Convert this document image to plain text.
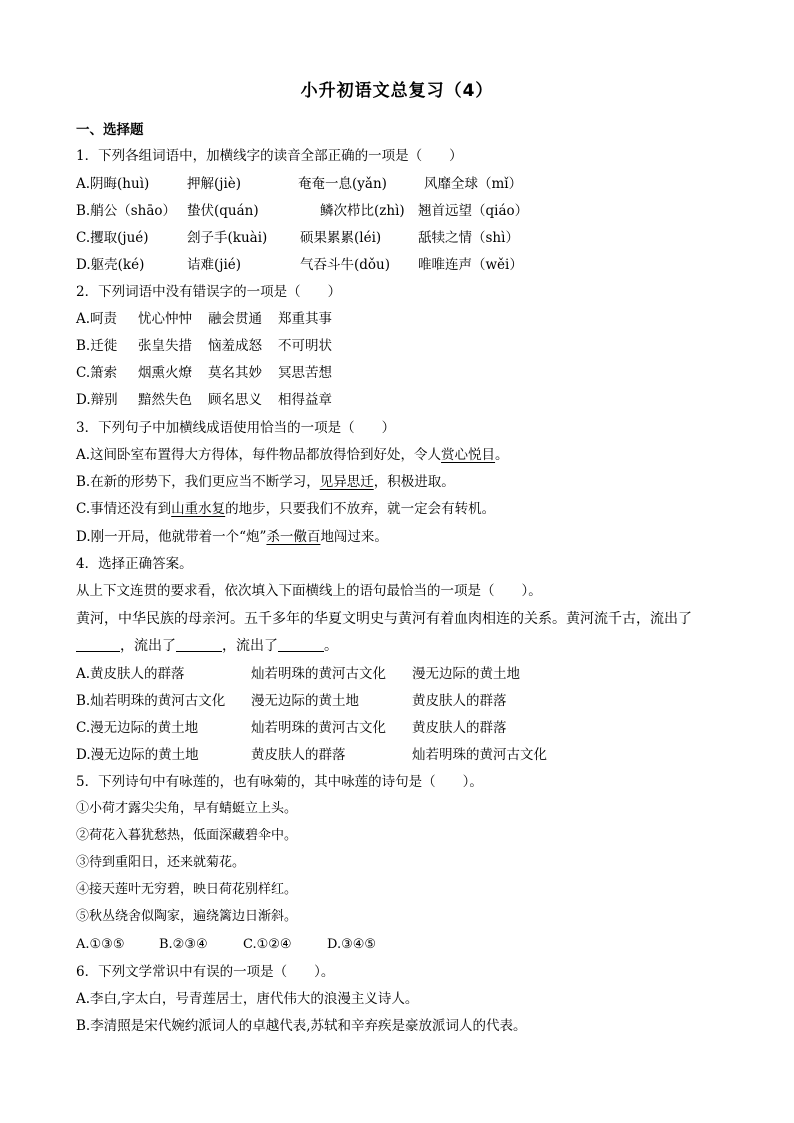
小升初语文总复习（4）
一、选择题
1．下列各组词语中，加横线字的读音全部正确的一项是（　　）
A.阴晦(huì)	押解(jiè)	奄奄一息(yǎn)	风靡全球（mǐ）
B.艄公（shāo） 蛰伏(quán)	鳞次栉比(zhì) 翘首远望（qiáo）
C.攫取(jué)	刽子手(kuài) 硕果累累(léi)	舐犊之情（shì）
D.躯壳(ké)	诘难(jié)	气吞斗牛(dǒu) 唯唯连声（wěi）
2．下列词语中没有错误字的一项是（　　）
A.呵责 忧心忡忡 融会贯通 郑重其事
B.迁徙 张皇失措 恼羞成怒 不可明状
C.箫索 烟熏火燎 莫名其妙 冥思苦想
D.辩别 黯然失色 顾名思义 相得益章
3．下列句子中加横线成语使用恰当的一项是（　　）
A.这间卧室布置得大方得体，每件物品都放得恰到好处，令人赏心悦目。
B.在新的形势下，我们更应当不断学习，见异思迁，积极进取。
C.事情还没有到山重水复的地步，只要我们不放弃，就一定会有转机。
D.刚一开局，他就带着一个“炮”杀一儆百地闯过来。
4．选择正确答案。
从上下文连贯的要求看，依次填入下面横线上的语句最恰当的一项是（　　）。
黄河，中华民族的母亲河。五千多年的华夏文明史与黄河有着血肉相连的关系。黄河流千古，流出了
，流出了	，流出了	。
A.黄皮肤人的群落	灿若明珠的黄河古文化 漫无边际的黄土地
B.灿若明珠的黄河古文化 漫无边际的黄土地	黄皮肤人的群落
C.漫无边际的黄土地	灿若明珠的黄河古文化 黄皮肤人的群落
D.漫无边际的黄土地	黄皮肤人的群落	灿若明珠的黄河古文化
5．下列诗句中有咏莲的，也有咏菊的，其中咏莲的诗句是（　　）。
①小荷才露尖尖角，早有蜻蜓立上头。
②荷花入暮犹愁热，低面深藏碧伞中。
③待到重阳日，还来就菊花。
④接天莲叶无穷碧，映日荷花别样红。
⑤秋丛绕舍似陶家，遍绕篱边日渐斜。
A.①③⑤	B.②③④	C.①②④	D.③④⑤
6．下列文学常识中有误的一项是（　　）。
A.李白,字太白，号青莲居士，唐代伟大的浪漫主义诗人。
B.李清照是宋代婉约派词人的卓越代表,苏轼和辛弃疾是豪放派词人的代表。
